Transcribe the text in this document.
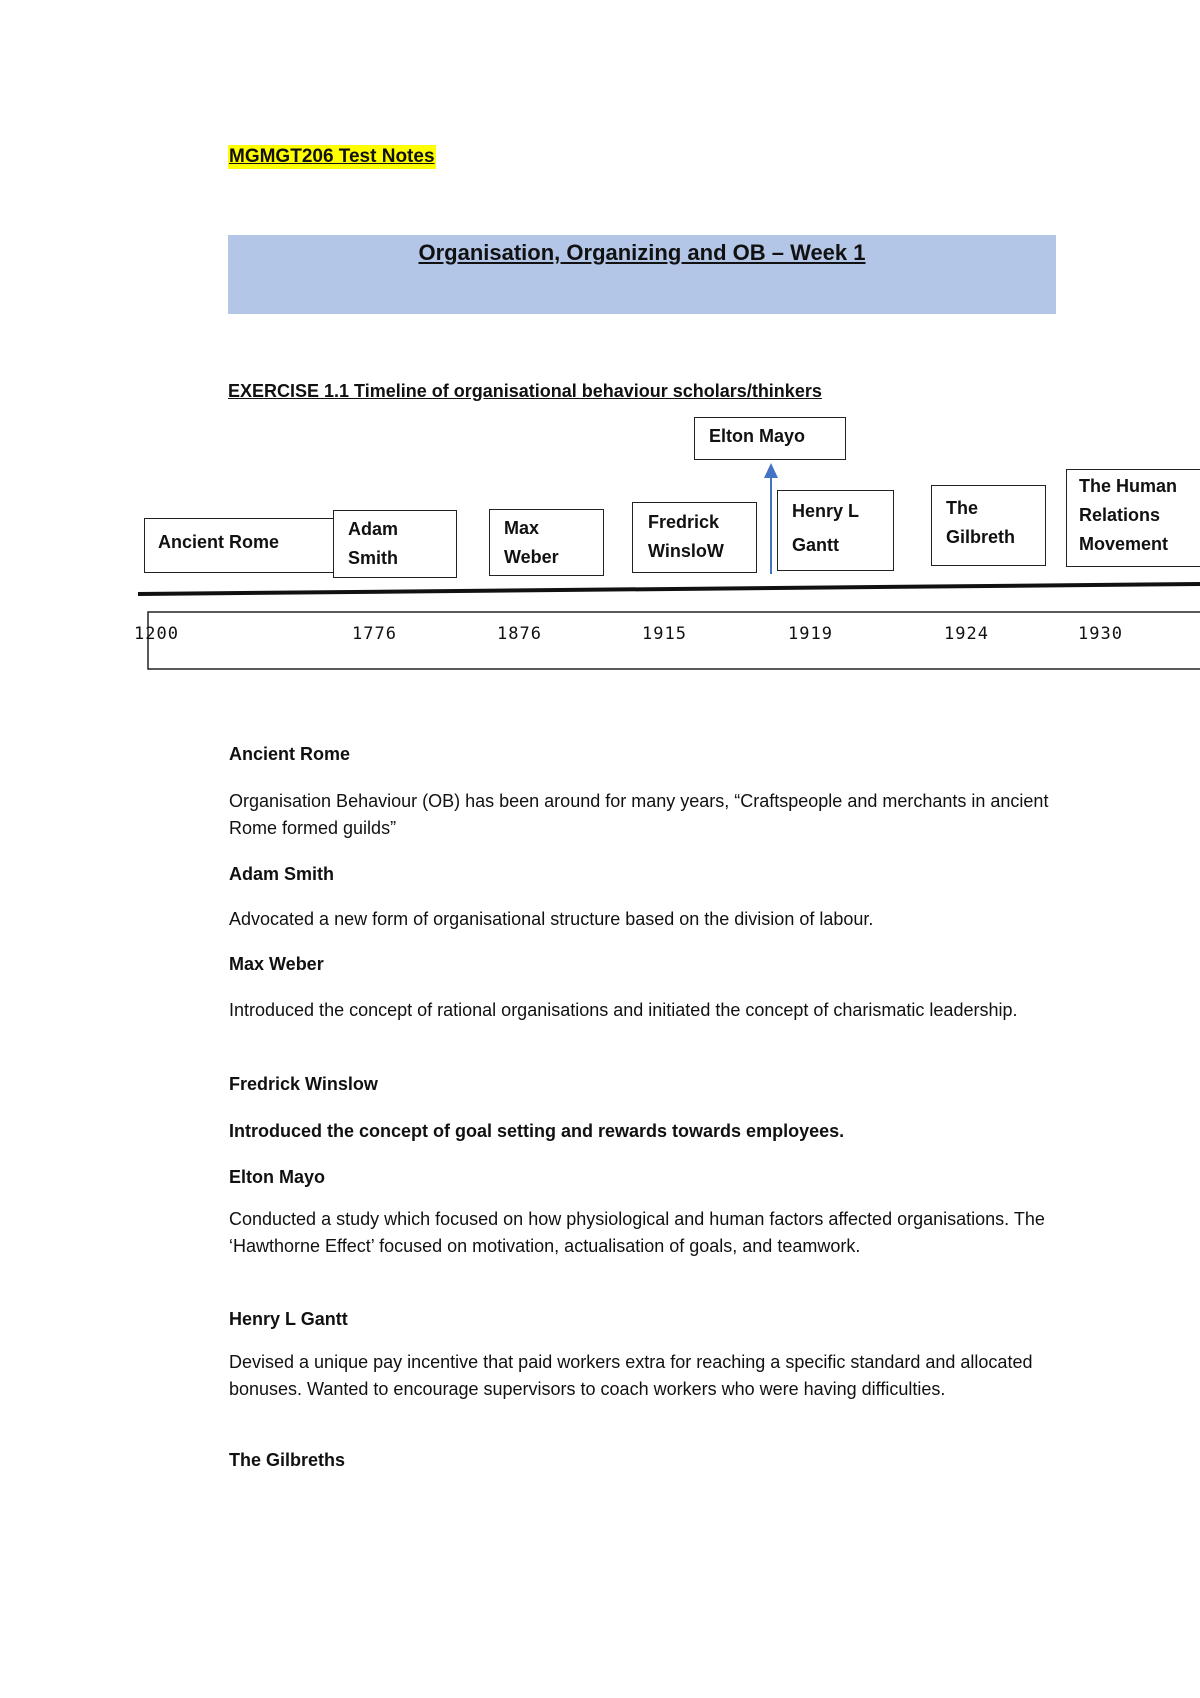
MGMGT206 Test Notes
Organisation, Organizing and OB – Week 1
EXERCISE 1.1 Timeline of organisational behaviour scholars/thinkers
Elton Mayo
Ancient Rome
Adam
Smith
Max
Weber
Fredrick
WinsloW
Henry L
Gantt
The
Gilbreth
The Human
Relations
Movement
1200	1776	1876	1915	1919	1924	1930
Ancient Rome
Organisation Behaviour (OB) has been around for many years, “Craftspeople and merchants in ancient Rome formed guilds”
Adam Smith
Advocated a new form of organisational structure based on the division of labour.
Max Weber
Introduced the concept of rational organisations and initiated the concept of charismatic leadership.
Fredrick Winslow
Introduced the concept of goal setting and rewards towards employees.
Elton Mayo
Conducted a study which focused on how physiological and human factors affected organisations. The ‘Hawthorne Effect’ focused on motivation, actualisation of goals, and teamwork.
Henry L Gantt
Devised a unique pay incentive that paid workers extra for reaching a specific standard and allocated bonuses. Wanted to encourage supervisors to coach workers who were having difficulties.
The Gilbreths
